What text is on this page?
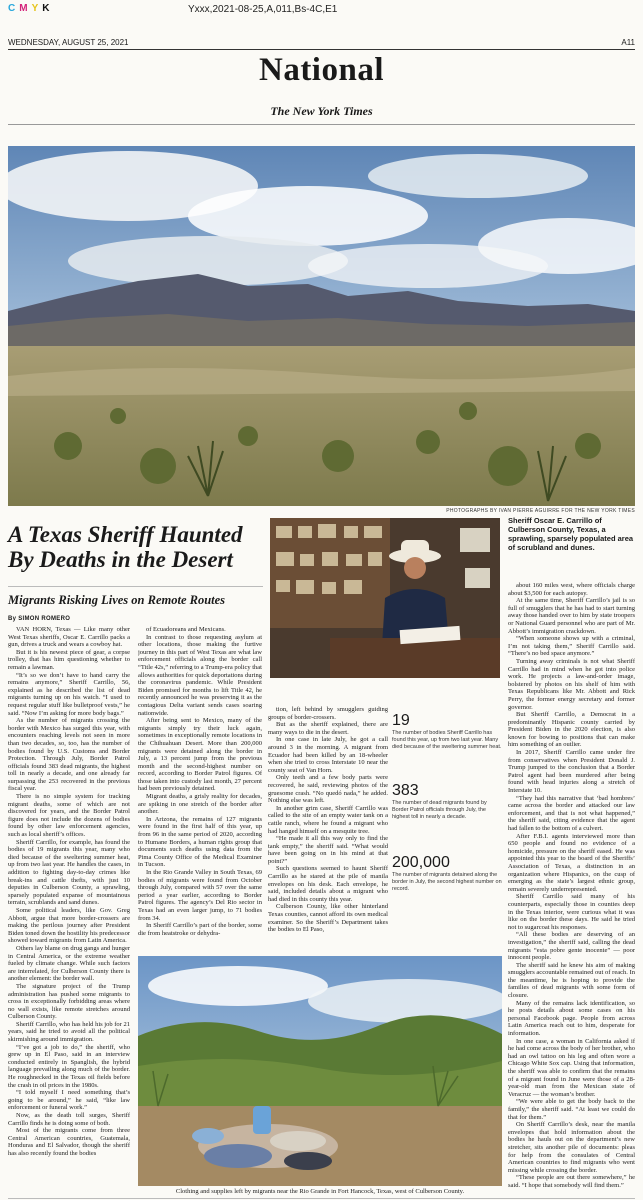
C M Y K	Yxxx,2021-08-25,A,011,Bs-4C,E1
WEDNESDAY, AUGUST 25, 2021	A11
National
The New York Times
PHOTOGRAPHS BY IVAN PIERRE AGUIRRE FOR THE NEW YORK TIMES
A Texas Sheriff Haunted By Deaths in the Desert
Migrants Risking Lives on Remote Routes
By SIMON ROMERO

VAN HORN, Texas — Like many other West Texas sheriffs, Oscar E. Carrillo packs a gun, drives a truck and wears a cowboy hat.

But it is his newest piece of gear, a corpse trolley, that has him questioning whether to remain a lawman.

“It’s so we don’t have to hand carry the remains anymore,” Sheriff Carrillo, 56, explained as he described the list of dead migrants turning up on his watch. “I used to request regular stuff like bulletproof vests,” he said. “Now I’m asking for more body bags.”

As the number of migrants crossing the border with Mexico has surged this year, with encounters reaching levels not seen in more than two decades, so, too, has the number of bodies found by U.S. Customs and Border Protection. Through July, Border Patrol officials found 383 dead migrants, the highest toll in nearly a decade, and one already far surpassing the 253 recovered in the previous fiscal year.

There is no simple system for tracking migrant deaths, some of which are not discovered for years, and the Border Patrol figure does not include the dozens of bodies found by other law enforcement agencies, such as local sheriff’s offices.

Sheriff Carrillo, for example, has found the bodies of 19 migrants this year, many who died because of the sweltering summer heat, up from two last year. He handles the cases, in addition to fighting day-to-day crimes like break-ins and cattle thefts, with just 10 deputies in Culberson County, a sprawling, sparsely populated expanse of mountainous terrain, scrublands and sand dunes.

Some political leaders, like Gov. Greg Abbott, argue that more border-crossers are making the perilous journey after President Biden toned down the hostility his predecessor showed toward migrants from Latin America.

Others lay blame on drug gangs and hunger in Central America, or the extreme weather fueled by climate change. While such factors are interrelated, for Culberson County there is another element: the border wall.

The signature project of the Trump administration has pushed some migrants to cross in exceptionally forbidding areas where no wall exists, like remote stretches around Culberson County.

Sheriff Carrillo, who has held his job for 21 years, said he tried to avoid all the political skirmishing around immigration.

“I’ve got a job to do,” the sheriff, who grew up in El Paso, said in an interview conducted entirely in Spanglish, the hybrid language prevailing along much of the border. He roughnecked in the Texas oil fields before the crash in oil prices in the 1980s.

“I told myself I need something that’s going to be around,” he said, “like law enforcement or funeral work.”

Now, as the death toll surges, Sheriff Carrillo finds he is doing some of both.

Most of the migrants come from three Central American countries, Guatemala, Honduras and El Salvador, though the sheriff has also recently found the bodies

of Ecuadoreans and Mexicans.

In contrast to those requesting asylum at other locations, those making the furtive journey in this part of West Texas are what law enforcement officials along the border call “Title 42s,” referring to a Trump-era policy that allows authorities for quick deportations during the coronavirus pandemic. While President Biden promised for months to lift Title 42, he recently announced he was preserving it as the contagious Delta variant sends cases soaring nationwide.

After being sent to Mexico, many of the migrants simply try their luck again, sometimes in exceptionally remote locations in the Chihuahuan Desert. More than 200,000 migrants were detained along the border in July, a 13 percent jump from the previous month and the second-highest number on record, according to Border Patrol figures. Of those taken into custody last month, 27 percent had been previously detained.

Migrant deaths, a grisly reality for decades, are spiking in one stretch of the border after another.

In Arizona, the remains of 127 migrants were found in the first half of this year, up from 96 in the same period of 2020, according to Humane Borders, a human rights group that documents such deaths using data from the Pima County Office of the Medical Examiner in Tucson.

In the Rio Grande Valley in South Texas, 69 bodies of migrants were found from October through July, compared with 57 over the same period a year earlier, according to Border Patrol figures. The agency’s Del Rio sector in Texas had an even larger jump, to 71 bodies from 34.

In Sheriff Carrillo’s part of the border, some die from heatstroke or dehydra-

Sheriff Oscar E. Carrillo of Culberson County, Texas, a sprawling, sparsely populated area of scrubland and dunes.

tion, left behind by smugglers guiding groups of border-crossers.

But as the sheriff explained, there are many ways to die in the desert.

In one case in late July, he got a call around 3 in the morning. A migrant from Ecuador had been killed by an 18-wheeler when she tried to cross Interstate 10 near the county seat of Van Horn.

Only teeth and a few body parts were recovered, he said, reviewing photos of the gruesome crash. “No quedó nada,” he added. Nothing else was left.

In another grim case, Sheriff Carrillo was called to the site of an empty water tank on a cattle ranch, where he found a migrant who had hanged himself on a mesquite tree.

“He made it all this way only to find the tank empty,” the sheriff said. “What would have been going on in his mind at that point?”

Such questions seemed to haunt Sheriff Carrillo as he stared at the pile of manila envelopes on his desk. Each envelope, he said, included details about a migrant who had died in this county this year.

Culberson County, like other hinterland Texas counties, cannot afford its own medical examiner. So the Sheriff’s Department takes the bodies to El Paso,

19
The number of bodies Sheriff Carrillo has found this year, up from two last year. Many died because of the sweltering summer heat.
383
The number of dead migrants found by Border Patrol officials through July, the highest toll in nearly a decade.
200,000
The number of migrants detained along the border in July, the second highest number on record.

about 160 miles west, where officials charge about $3,500 for each autopsy.

At the same time, Sheriff Carrillo’s jail is so full of smugglers that he has had to start turning away those handed over to him by state troopers or National Guard personnel who are part of Mr. Abbott’s immigration crackdown.

“When someone shows up with a criminal, I’m not taking them,” Sheriff Carrillo said. “There’s no bed space anymore.”

Turning away criminals is not what Sheriff Carrillo had in mind when he got into police work. He projects a law-and-order image, bolstered by photos on his shelf of him with Texas Republicans like Mr. Abbott and Rick Perry, the former energy secretary and former governor.

But Sheriff Carrillo, a Democrat in a predominantly Hispanic county carried by President Biden in the 2020 election, is also known for bowing to positions that can make him something of an outlier.

In 2017, Sheriff Carrillo came under fire from conservatives when President Donald J. Trump jumped to the conclusion that a Border Patrol agent had been murdered after being found with head injuries along a stretch of Interstate 10.

“They had this narrative that ‘bad hombres’ came across the border and attacked our law enforcement, and that is not what happened,” the sheriff said, citing evidence that the agent had fallen to the bottom of a culvert.

After F.B.I. agents interviewed more than 650 people and found no evidence of a homicide, pressure on the sheriff eased. He was appointed this year to the board of the Sheriffs’ Association of Texas, a distinction in an organization where Hispanics, on the cusp of emerging as the state’s largest ethnic group, remain severely underrepresented.

Sheriff Carrillo said many of his counterparts, especially those in counties deep in the Texas interior, were curious what it was like on the border these days. He said he tried not to sugarcoat his responses.

“All these bodies are deserving of an investigation,” the sheriff said, calling the dead migrants “esta pobre gente inocente” — poor innocent people.

The sheriff said he knew his aim of making smugglers accountable remained out of reach. In the meantime, he is hoping to provide the families of dead migrants with some form of closure.

Many of the remains lack identification, so he posts details about some cases on his personal Facebook page. People from across Latin America reach out to him, desperate for information.

In one case, a woman in California asked if he had come across the body of her brother, who had an owl tattoo on his leg and often wore a Chicago White Sox cap. Using that information, the sheriff was able to confirm that the remains of a migrant found in June were those of a 28-year-old man from the Mexican state of Veracruz — the woman’s brother.

“We were able to get the body back to the family,” the sheriff said. “At least we could do that for them.”

On Sheriff Carrillo’s desk, near the manila envelopes that hold information about the bodies he hauls out on the department’s new stretcher, sits another pile of documents: pleas for help from the consulates of Central American countries to find migrants who went missing while crossing the border.

“These people are out there somewhere,” he said. “I hope that somebody will find them.”

Clothing and supplies left by migrants near the Rio Grande in Fort Hancock, Texas, west of Culberson County.
